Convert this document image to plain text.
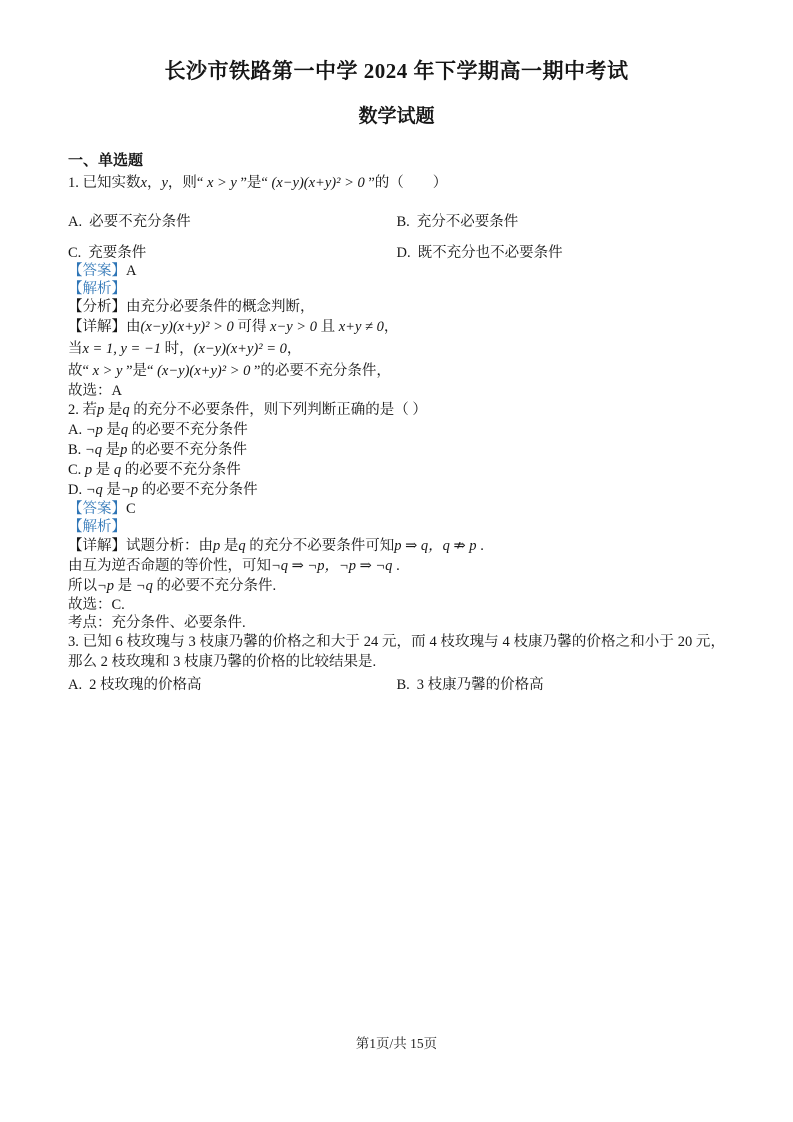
长沙市铁路第一中学 2024 年下学期高一期中考试

数学试题

一、单选题

1. 已知实数x，y，则“ x > y ”是“ (x−y)(x+y)² > 0 ”的（　　）

A. 必要不充分条件	B. 充分不必要条件

C. 充要条件	D. 既不充分也不必要条件

【答案】A

【解析】

【分析】由充分必要条件的概念判断，

【详解】由(x−y)(x+y)² > 0 可得 x−y > 0 且 x+y ≠ 0，

当x = 1, y = −1 时，(x−y)(x+y)² = 0，

故“ x > y ”是“ (x−y)(x+y)² > 0 ”的必要不充分条件，

故选：A

2. 若p 是q 的充分不必要条件，则下列判断正确的是（ ）

A. ¬p 是q 的必要不充分条件

B. ¬q 是p 的必要不充分条件

C. p 是 q 的必要不充分条件

D. ¬q 是¬p 的必要不充分条件

【答案】C

【解析】

【详解】试题分析：由p 是q 的充分不必要条件可知p ⇒ q，q ⇏ p .

由互为逆否命题的等价性，可知¬q ⇒ ¬p，¬p ⇒ ¬q .

所以¬p 是 ¬q 的必要不充分条件.

故选：C.

考点：充分条件、必要条件.

3. 已知 6 枝玫瑰与 3 枝康乃馨的价格之和大于 24 元，而 4 枝玫瑰与 4 枝康乃馨的价格之和小于 20 元，那么 2 枝玫瑰和 3 枝康乃馨的价格的比较结果是.

A. 2 枝玫瑰的价格高	B. 3 枝康乃馨的价格高

第1页/共 15页
